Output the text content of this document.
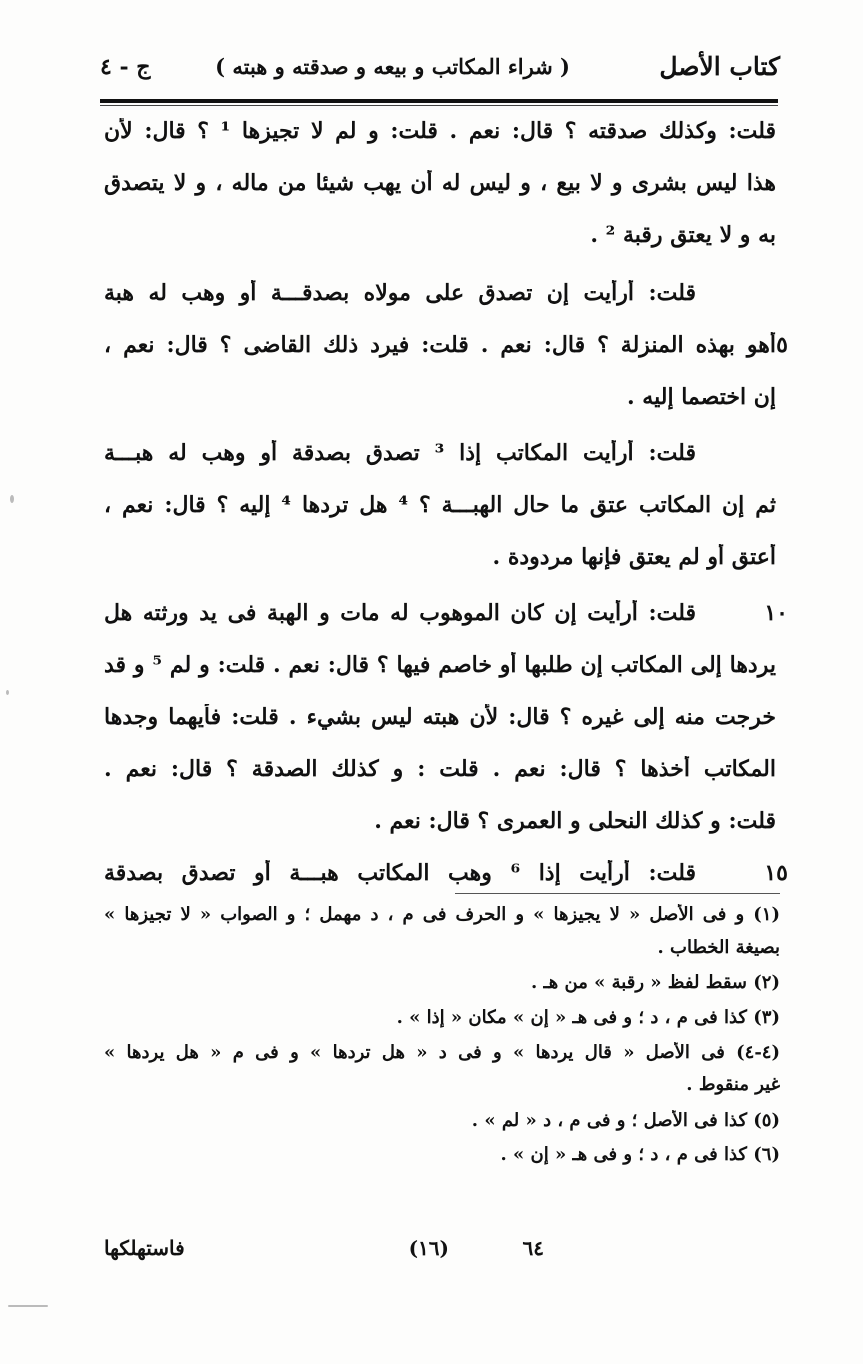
كتاب الأصل
( شراء المكاتب و بيعه و صدقته و هبته )
ج - ٤
قلت: وكذلك صدقته ؟ قال: نعم . قلت: و لم لا تجيزها ¹ ؟ قال: لأن
هذا ليس بشرى و لا بيع ، و ليس له أن يهب شيئا من ماله ، و لا يتصدق
به و لا يعتق رقبة ² .
قلت: أرأيت إن تصدق على مولاه بصدقـــة أو وهب له هبة
أهو بهذه المنزلة ؟ قال: نعم . قلت: فيرد ذلك القاضى ؟ قال: نعم ،
إن اختصما إليه .
قلت: أرأيت المكاتب إذا ³ تصدق بصدقة أو وهب له هبـــة
ثم إن المكاتب عتق ما حال الهبـــة ؟ ⁴ هل تردها ⁴ إليه ؟ قال: نعم ،
أعتق أو لم يعتق فإنها مردودة .
قلت: أرأيت إن كان الموهوب له مات و الهبة فى يد ورثته هل
يردها إلى المكاتب إن طلبها أو خاصم فيها ؟ قال: نعم . قلت: و لم ⁵ و قد
خرجت منه إلى غيره ؟ قال: لأن هبته ليس بشيء . قلت: فأيهما وجدها
المكاتب أخذها ؟ قال: نعم . قلت : و كذلك الصدقة ؟ قال: نعم .
قلت: و كذلك النحلى و العمرى ؟ قال: نعم .
قلت: أرأيت إذا ⁶ وهب المكاتب هبـــة أو تصدق بصدقة
(١) و فى الأصل « لا يجيزها » و الحرف فى م ، د مهمل ؛ و الصواب « لا تجيزها »
بصيغة الخطاب .
(٢) سقط لفظ « رقبة » من هـ .
(٣) كذا فى م ، د ؛ و فى هـ « إن » مكان « إذا » .
(٤-٤) فى الأصل « قال يردها » و فى د « هل تردها » و فى م « هل يردها »
غير منقوط .
(٥) كذا فى الأصل ؛ و فى م ، د « لم » .
(٦) كذا فى م ، د ؛ و فى هـ « إن » .
٦٤
(١٦)
فاستهلكها
٥
١٠
١٥
